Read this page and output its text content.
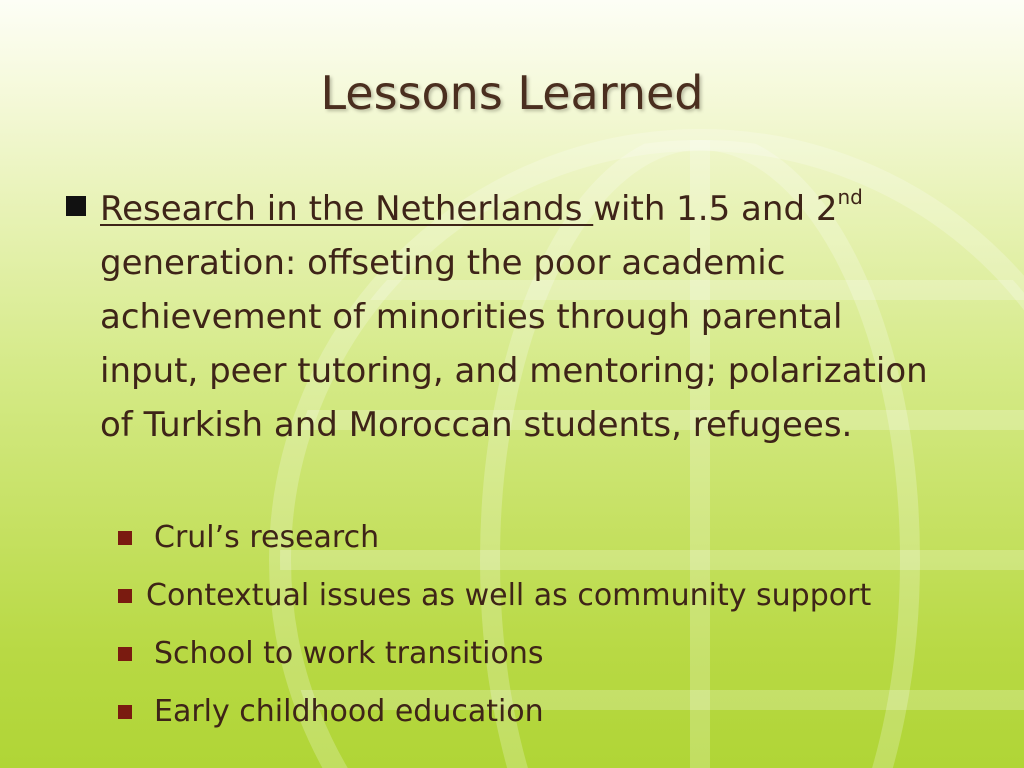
Lessons Learned
Research in the Netherlands with 1.5 and 2nd generation: offseting the poor academic achievement of minorities through parental input, peer tutoring, and mentoring; polarization of Turkish and Moroccan students, refugees.
Crul’s research
Contextual issues as well as community support
School to work transitions
Early childhood education
